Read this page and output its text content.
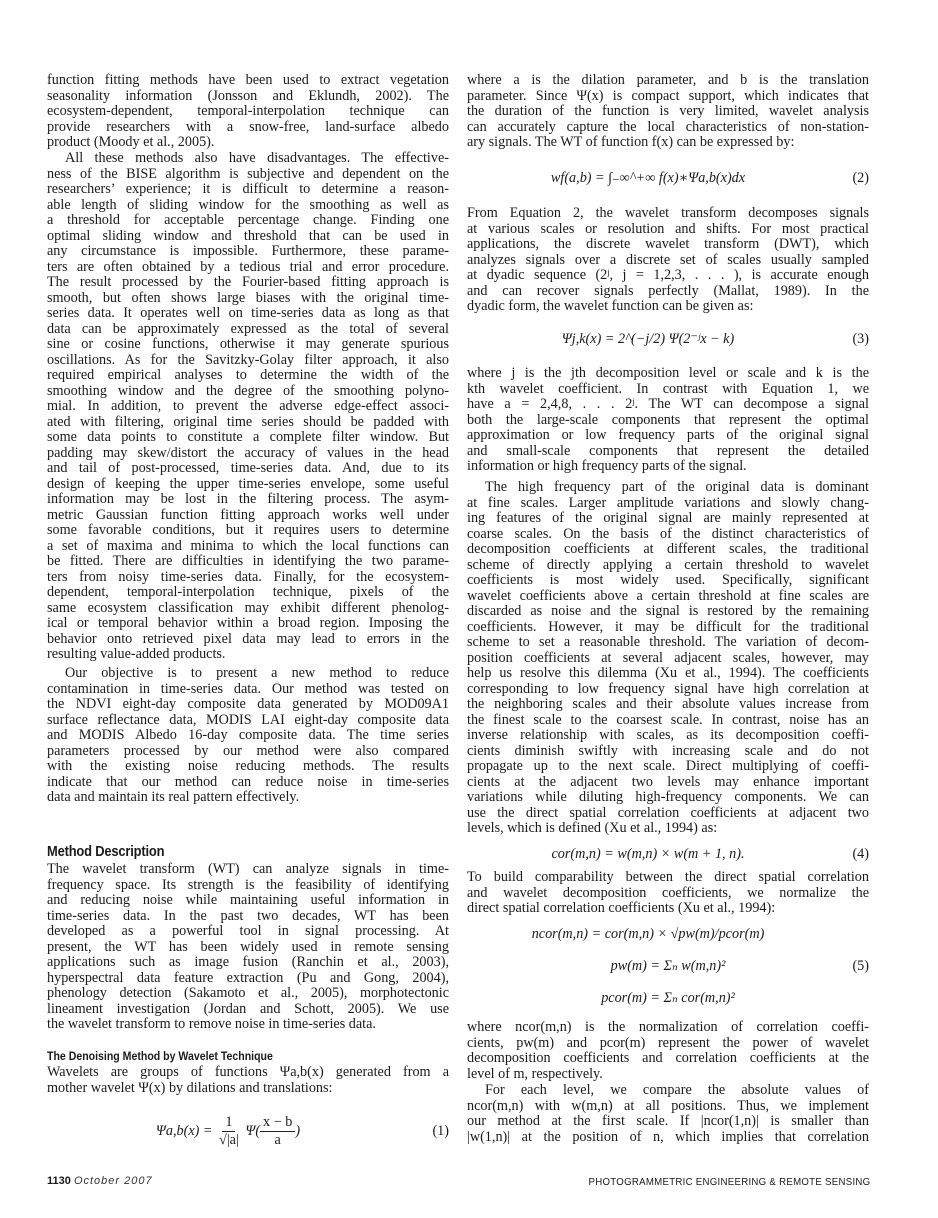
function fitting methods have been used to extract vegetation
seasonality information (Jonsson and Eklundh, 2002). The
ecosystem-dependent, temporal-interpolation technique can
provide researchers with a snow-free, land-surface albedo
product (Moody et al., 2005).
All these methods also have disadvantages. The effective-
ness of the BISE algorithm is subjective and dependent on the
researchers’ experience; it is difficult to determine a reason-
able length of sliding window for the smoothing as well as
a threshold for acceptable percentage change. Finding one
optimal sliding window and threshold that can be used in
any circumstance is impossible. Furthermore, these parame-
ters are often obtained by a tedious trial and error procedure.
The result processed by the Fourier-based fitting approach is
smooth, but often shows large biases with the original time-
series data. It operates well on time-series data as long as that
data can be approximately expressed as the total of several
sine or cosine functions, otherwise it may generate spurious
oscillations. As for the Savitzky-Golay filter approach, it also
required empirical analyses to determine the width of the
smoothing window and the degree of the smoothing polyno-
mial. In addition, to prevent the adverse edge-effect associ-
ated with filtering, original time series should be padded with
some data points to constitute a complete filter window. But
padding may skew/distort the accuracy of values in the head
and tail of post-processed, time-series data. And, due to its
design of keeping the upper time-series envelope, some useful
information may be lost in the filtering process. The asym-
metric Gaussian function fitting approach works well under
some favorable conditions, but it requires users to determine
a set of maxima and minima to which the local functions can
be fitted. There are difficulties in identifying the two parame-
ters from noisy time-series data. Finally, for the ecosystem-
dependent, temporal-interpolation technique, pixels of the
same ecosystem classification may exhibit different phenolog-
ical or temporal behavior within a broad region. Imposing the
behavior onto retrieved pixel data may lead to errors in the
resulting value-added products.
Our objective is to present a new method to reduce
contamination in time-series data. Our method was tested on
the NDVI eight-day composite data generated by MOD09A1
surface reflectance data, MODIS LAI eight-day composite data
and MODIS Albedo 16-day composite data. The time series
parameters processed by our method were also compared
with the existing noise reducing methods. The results
indicate that our method can reduce noise in time-series
data and maintain its real pattern effectively.
The wavelet transform (WT) can analyze signals in time-
frequency space. Its strength is the feasibility of identifying
and reducing noise while maintaining useful information in
time-series data. In the past two decades, WT has been
developed as a powerful tool in signal processing. At
present, the WT has been widely used in remote sensing
applications such as image fusion (Ranchin et al., 2003),
hyperspectral data feature extraction (Pu and Gong, 2004),
phenology detection (Sakamoto et al., 2005), morphotectonic
lineament investigation (Jordan and Schott, 2005). We use
the wavelet transform to remove noise in time-series data.
Wavelets are groups of functions Ψa,b(x) generated from a
mother wavelet Ψ(x) by dilations and translations:
where a is the dilation parameter, and b is the translation
parameter. Since Ψ(x) is compact support, which indicates that
the duration of the function is very limited, wavelet analysis
can accurately capture the local characteristics of non-station-
ary signals. The WT of function f(x) can be expressed by:
From Equation 2, the wavelet transform decomposes signals
at various scales or resolution and shifts. For most practical
applications, the discrete wavelet transform (DWT), which
analyzes signals over a discrete set of scales usually sampled
at dyadic sequence (2ʲ, j = 1,2,3, . . . ), is accurate enough
and can recover signals perfectly (Mallat, 1989). In the
dyadic form, the wavelet function can be given as:
where j is the jth decomposition level or scale and k is the
kth wavelet coefficient. In contrast with Equation 1, we
have a = 2,4,8, . . . 2ʲ. The WT can decompose a signal
both the large-scale components that represent the optimal
approximation or low frequency parts of the original signal
and small-scale components that represent the detailed
information or high frequency parts of the signal.
The high frequency part of the original data is dominant
at fine scales. Larger amplitude variations and slowly chang-
ing features of the original signal are mainly represented at
coarse scales. On the basis of the distinct characteristics of
decomposition coefficients at different scales, the traditional
scheme of directly applying a certain threshold to wavelet
coefficients is most widely used. Specifically, significant
wavelet coefficients above a certain threshold at fine scales are
discarded as noise and the signal is restored by the remaining
coefficients. However, it may be difficult for the traditional
scheme to set a reasonable threshold. The variation of decom-
position coefficients at several adjacent scales, however, may
help us resolve this dilemma (Xu et al., 1994). The coefficients
corresponding to low frequency signal have high correlation at
the neighboring scales and their absolute values increase from
the finest scale to the coarsest scale. In contrast, noise has an
inverse relationship with scales, as its decomposition coeffi-
cients diminish swiftly with increasing scale and do not
propagate up to the next scale. Direct multiplying of coeffi-
cients at the adjacent two levels may enhance important
variations while diluting high-frequency components. We can
use the direct spatial correlation coefficients at adjacent two
levels, which is defined (Xu et al., 1994) as:
To build comparability between the direct spatial correlation
and wavelet decomposition coefficients, we normalize the
direct spatial correlation coefficients (Xu et al., 1994):
where ncor(m,n) is the normalization of correlation coeffi-
cients, pw(m) and pcor(m) represent the power of wavelet
decomposition coefficients and correlation coefficients at the
level of m, respectively.
For each level, we compare the absolute values of
ncor(m,n) with w(m,n) at all positions. Thus, we implement
our method at the first scale. If |ncor(1,n)| is smaller than
|w(1,n)| at the position of n, which implies that correlation
Method Description
The Denoising Method by Wavelet Technique
$\Psi a,b(x) = \frac{1}{√|a|} \Psi( \frac{x - b}{a}$ )	(1)
wf(a,b) = ∫₋∞^+∞ f(x)∗Ψa,b(x)dx	(2)
Ψj,k(x) = 2^(−j/2) Ψ(2⁻ʲx − k)	(3)
cor(m,n) = w(m,n) × w(m + 1, n).	(4)
ncor(m,n) = cor(m,n) × √pw(m)/pcor(m)
pw(m) = Σₙ w(m,n)²
pcor(m) = Σₙ cor(m,n)²
(5)
1130 October 2007	PHOTOGRAMMETRIC ENGINEERING & REMOTE SENSING
